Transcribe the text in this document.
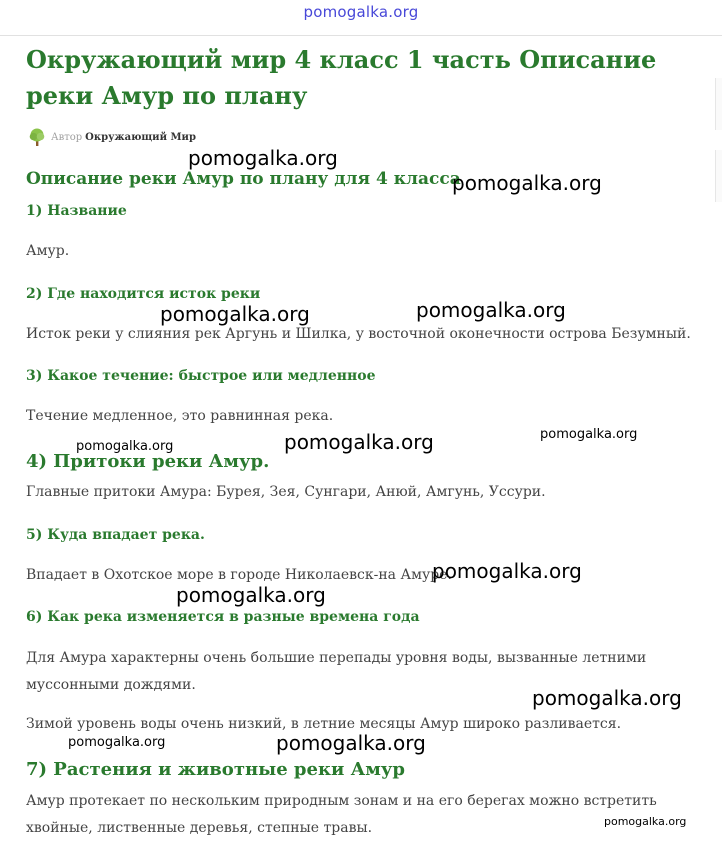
pomogalka.org
Окружающий мир 4 класс 1 часть Описание реки Амур по плану
Автор Окружающий Мир
Описание реки Амур по плану для 4 класса
1) Название

Амур.

2) Где находится исток реки

Исток реки у слияния рек Аргунь и Шилка, у восточной оконечности острова Безумный.

3) Какое течение: быстрое или медленное

Течение медленное, это равнинная река.

4) Притоки реки Амур.

Главные притоки Амура: Бурея, Зея, Сунгари, Анюй, Амгунь, Уссури.

5) Куда впадает река.

Впадает в Охотское море в городе Николаевск-на Амуре.

6) Как река изменяется в разные времена года

Для Амура характерны очень большие перепады уровня воды, вызванные летними муссонными дождями.

Зимой уровень воды очень низкий, в летние месяцы Амур широко разливается.

7) Растения и животные реки Амур

Амур протекает по нескольким природным зонам и на его берегах можно встретить хвойные, лиственные деревья, степные травы.

pomogalka.org
pomogalka.org
pomogalka.org
pomogalka.org
pomogalka.org
pomogalka.org
pomogalka.org
pomogalka.org
pomogalka.org
pomogalka.org
pomogalka.org
pomogalka.org
pomogalka.org
